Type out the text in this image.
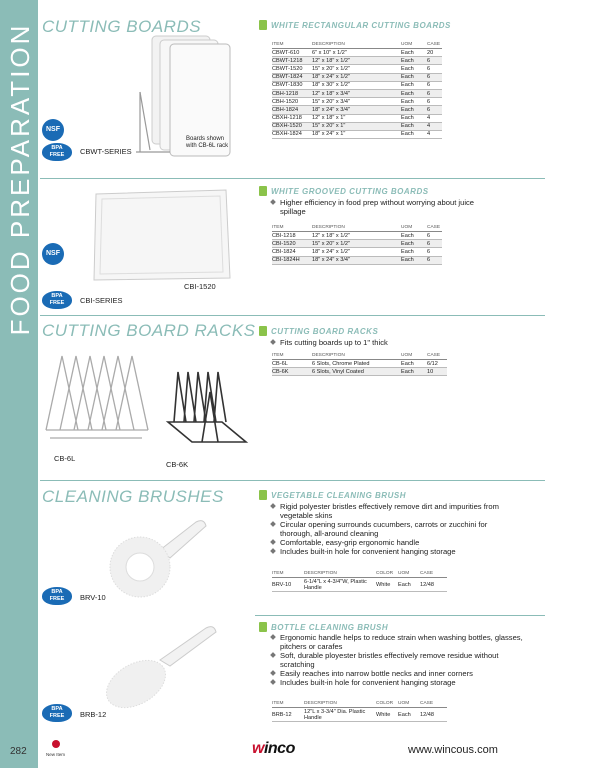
FOOD PREPARATION
282
CUTTING BOARDS
Boards shown
with CB-6L rack
NSF
BPA
FREE	CBWT-SERIES
WHITE RECTANGULAR CUTTING BOARDS
ITEM	DESCRIPTION	UOM	CASE
CBWT-610	6" x 10" x 1/2"	Each	20
CBWT-1218	12" x 18" x 1/2"	Each	6
CBWT-1520	15" x 20" x 1/2"	Each	6
CBWT-1824	18" x 24" x 1/2"	Each	6
CBWT-1830	18" x 30" x 1/2"	Each	6
CBH-1218	12" x 18" x 3/4"	Each	6
CBH-1520	15" x 20" x 3/4"	Each	6
CBH-1824	18" x 24" x 3/4"	Each	6
CBXH-1218	12" x 18" x 1"	Each	4
CBXH-1520	15" x 20" x 1"	Each	4
CBXH-1824	18" x 24" x 1"	Each	4
CBI-1520
NSF
BPA
FREE	CBI-SERIES
WHITE GROOVED CUTTING BOARDS
Higher efficiency in food prep without worrying about juice spillage
ITEM	DESCRIPTION	UOM	CASE
CBI-1218	12" x 18" x 1/2"	Each	6
CBI-1520	15" x 20" x 1/2"	Each	6
CBI-1824	18" x 24" x 1/2"	Each	6
CBI-1824H	18" x 24" x 3/4"	Each	6
CUTTING BOARD RACKS
CB-6L
CB-6K
CUTTING BOARD RACKS
Fits cutting boards up to 1" thick
ITEM	DESCRIPTION	UOM	CASE
CB-6L	6 Slots, Chrome Plated	Each	6/12
CB-6K	6 Slots, Vinyl Coated	Each	10
CLEANING BRUSHES
BPA
FREE	BRV-10
VEGETABLE CLEANING BRUSH
Rigid polyester bristles effectively remove dirt and impurities from vegetable skins
Circular opening surrounds cucumbers, carrots or zucchini for thorough, all-around cleaning
Comfortable, easy-grip ergonomic handle
Includes built-in hole for convenient hanging storage
ITEM	DESCRIPTION	COLOR	UOM	CASE
BRV-10	6-1/4"L x 4-3/4"W, Plastic Handle	White	Each	12/48
BPA
FREE	BRB-12
BOTTLE CLEANING BRUSH
Ergonomic handle helps to reduce strain when washing bottles, glasses, pitchers or carafes
Soft, durable ployester bristles effectively remove residue without scratching
Easily reaches into narrow bottle necks and inner corners
Includes built-in hole for convenient hanging storage
ITEM	DESCRIPTION	COLOR	UOM	CASE
BRB-12	12"L x 3-3/4" Dia. Plastic Handle	White	Each	12/48
New Item	winco	www.wincous.com
